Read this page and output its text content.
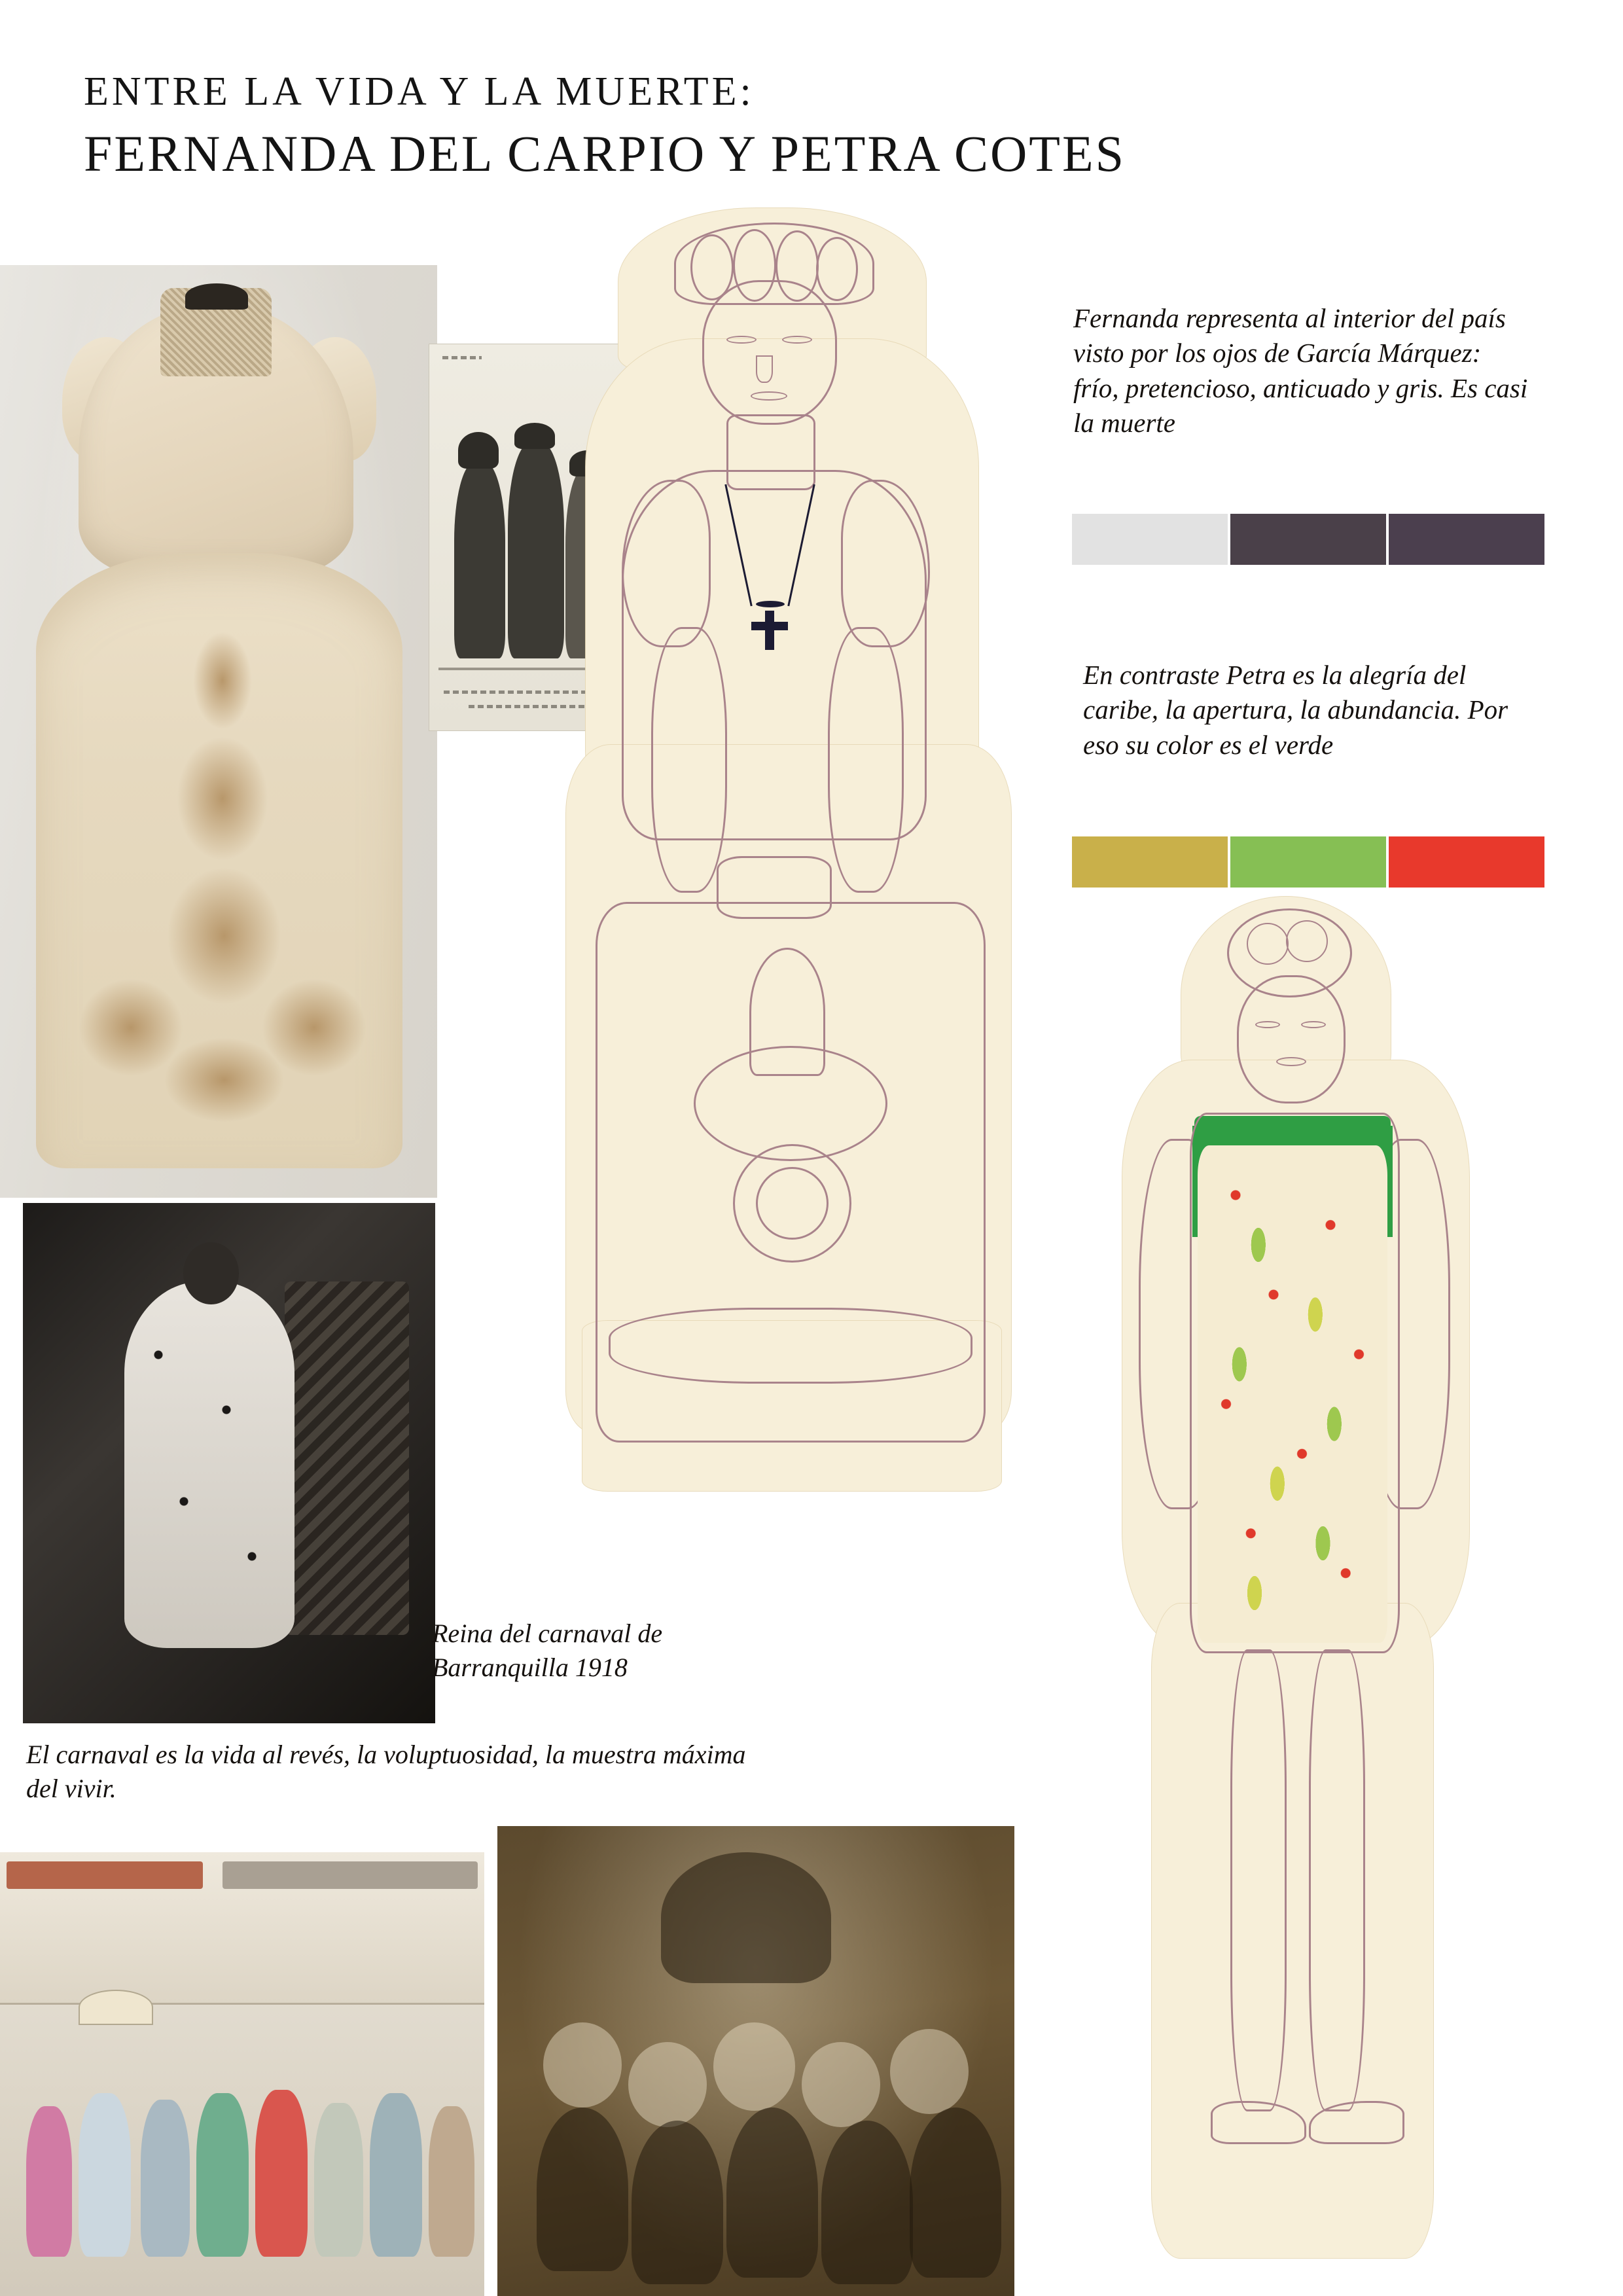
ENTRE LA VIDA Y LA MUERTE:
FERNANDA DEL CARPIO Y PETRA COTES
Fernanda representa al interior del país visto por los ojos de García Márquez: frío, pretencioso, anticuado y gris. Es casi la muerte
En contraste Petra es la alegría del caribe, la apertura, la abundancia. Por eso su color es el verde
Reina del carnaval de Barranquilla 1918
El carnaval es la vida al revés, la voluptuosidad, la muestra máxima del vivir.
